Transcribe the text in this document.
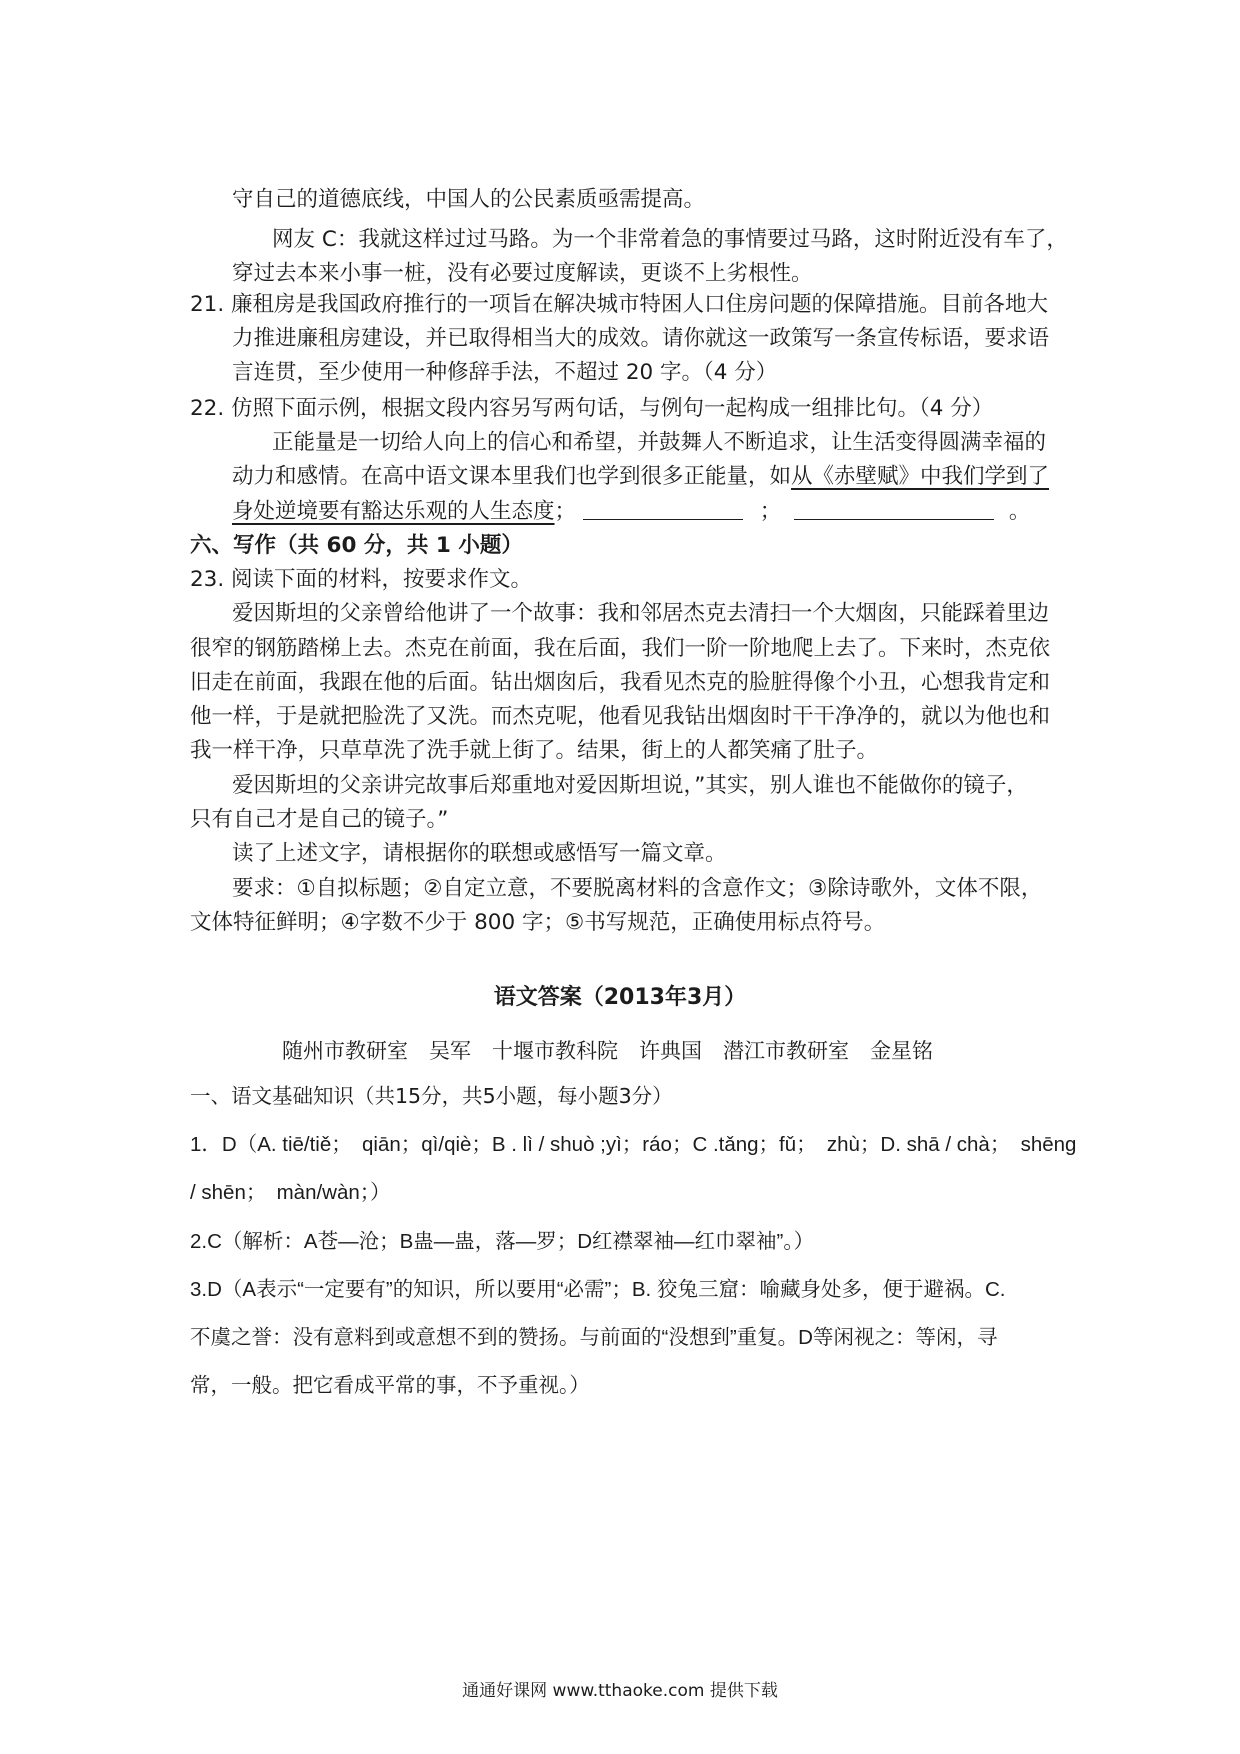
守自己的道德底线，中国人的公民素质亟需提高。
网友 C：我就这样过过马路。为一个非常着急的事情要过马路，这时附近没有车了，
穿过去本来小事一桩，没有必要过度解读，更谈不上劣根性。
21. 廉租房是我国政府推行的一项旨在解决城市特困人口住房问题的保障措施。目前各地大
力推进廉租房建设，并已取得相当大的成效。请你就这一政策写一条宣传标语，要求语
言连贯，至少使用一种修辞手法，不超过 20 字。（4 分）
22. 仿照下面示例，根据文段内容另写两句话，与例句一起构成一组排比句。（4 分）
正能量是一切给人向上的信心和希望，并鼓舞人不断追求，让生活变得圆满幸福的
动力和感情。在高中语文课本里我们也学到很多正能量，如从《赤壁赋》中我们学到了
身处逆境要有豁达乐观的人生态度；	；	。
六、写作（共 60 分，共 1 小题）
23. 阅读下面的材料，按要求作文。
爱因斯坦的父亲曾给他讲了一个故事：我和邻居杰克去清扫一个大烟囱，只能踩着里边
很窄的钢筋踏梯上去。杰克在前面，我在后面，我们一阶一阶地爬上去了。下来时，杰克依
旧走在前面，我跟在他的后面。钻出烟囱后，我看见杰克的脸脏得像个小丑，心想我肯定和
他一样，于是就把脸洗了又洗。而杰克呢，他看见我钻出烟囱时干干净净的，就以为他也和
我一样干净，只草草洗了洗手就上街了。结果，街上的人都笑痛了肚子。
爱因斯坦的父亲讲完故事后郑重地对爱因斯坦说，”其实，别人谁也不能做你的镜子，
只有自己才是自己的镜子。”
读了上述文字，请根据你的联想或感悟写一篇文章。
要求：①自拟标题；②自定立意，不要脱离材料的含意作文；③除诗歌外，文体不限，
文体特征鲜明；④字数不少于 800 字；⑤书写规范，正确使用标点符号。
语文答案（2013年3月）
随州市教研室　吴军　十堰市教科院　许典国　潜江市教研室　金星铭
一、语文基础知识（共15分，共5小题，每小题3分）
1．D（A. tiē/tiě；　qiān；qì/qiè；B . lì / shuò ;yì；ráo；C .tǎng；fǔ；　zhù；D. shā / chà；　shēng
/ shēn；　màn/wàn；）
2.C（解析：A苍—沧；B蛊—蛊，落—罗；D红襟翠袖—红巾翠袖”。）
3.D（A表示“一定要有”的知识，所以要用“必需”；B. 狡兔三窟：喻藏身处多，便于避祸。C.
不虞之誉：没有意料到或意想不到的赞扬。与前面的“没想到”重复。D等闲视之：等闲，寻
常，一般。把它看成平常的事，不予重视。）
通通好课网 www.tthaoke.com 提供下载
